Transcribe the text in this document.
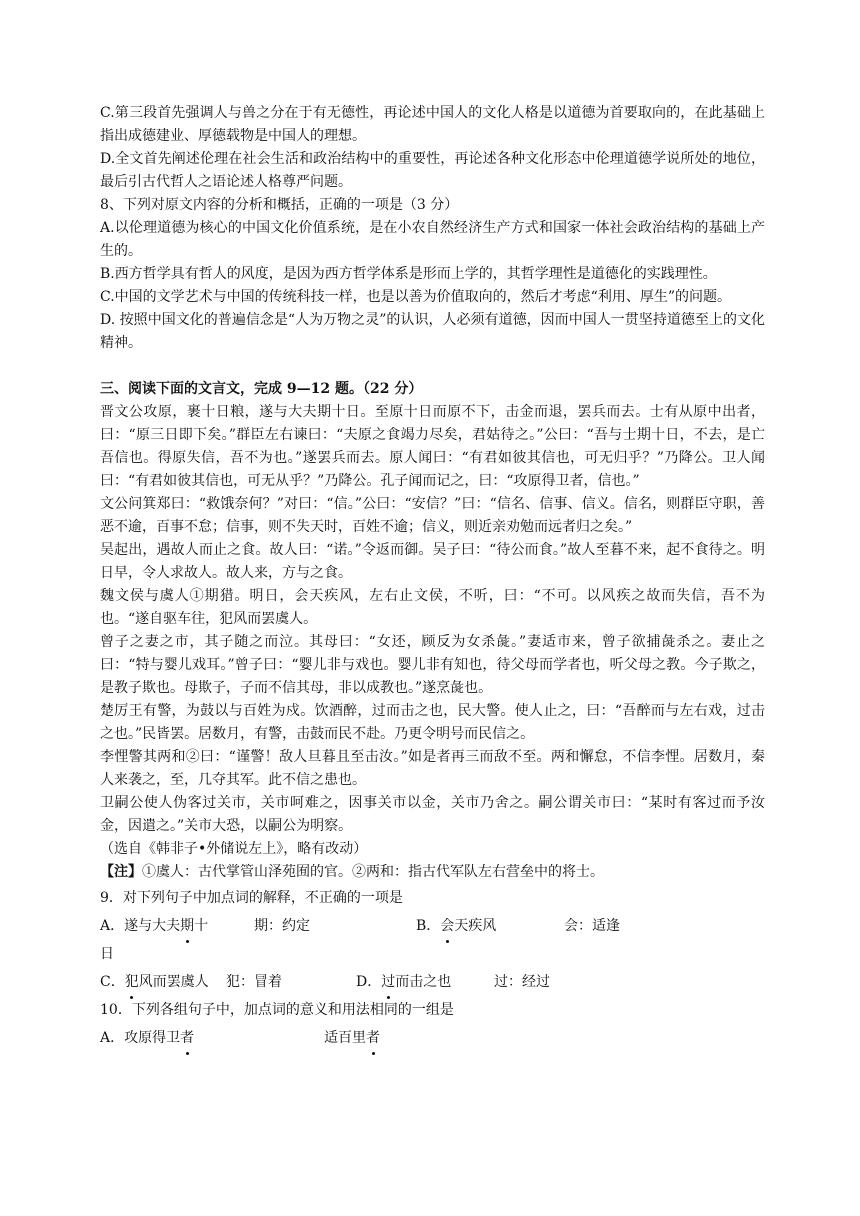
C.第三段首先强调人与兽之分在于有无德性，再论述中国人的文化人格是以道德为首要取向的，在此基础上指出成德建业、厚德载物是中国人的理想。

D.全文首先阐述伦理在社会生活和政治结构中的重要性，再论述各种文化形态中伦理道德学说所处的地位，最后引古代哲人之语论述人格尊严问题。

8、下列对原文内容的分析和概括，正确的一项是（3 分）

A.以伦理道德为核心的中国文化价值系统，是在小农自然经济生产方式和国家一体社会政治结构的基础上产生的。

B.西方哲学具有哲人的风度，是因为西方哲学体系是形而上学的，其哲学理性是道德化的实践理性。

C.中国的文学艺术与中国的传统科技一样，也是以善为价值取向的，然后才考虑“利用、厚生”的问题。

D. 按照中国文化的普遍信念是“人为万物之灵”的认识，人必须有道德，因而中国人一贯坚持道德至上的文化精神。

三、阅读下面的文言文，完成 9—12 题。（22 分）

晋文公攻原，裹十日粮，遂与大夫期十日。至原十日而原不下，击金而退，罢兵而去。士有从原中出者，曰：“原三日即下矣。”群臣左右谏曰：“夫原之食竭力尽矣，君姑待之。”公曰：“吾与士期十日，不去，是亡吾信也。得原失信，吾不为也。”遂罢兵而去。原人闻曰：“有君如彼其信也，可无归乎？”乃降公。卫人闻曰：“有君如彼其信也，可无从乎？”乃降公。孔子闻而记之，曰：“攻原得卫者，信也。”

文公问箕郑曰：“救饿奈何？”对曰：“信。”公曰：“安信？”曰：“信名、信事、信义。信名，则群臣守职，善恶不逾，百事不怠；信事，则不失天时，百姓不逾；信义，则近亲劝勉而远者归之矣。”

吴起出，遇故人而止之食。故人曰：“诺。”令返而御。吴子曰：“待公而食。”故人至暮不来，起不食待之。明日早，令人求故人。故人来，方与之食。

魏文侯与虞人①期猎。明日，会天疾风，左右止文侯，不听，曰：“不可。以风疾之故而失信，吾不为也。“遂自驱车往，犯风而罢虞人。

曾子之妻之市，其子随之而泣。其母曰：“女还，顾反为女杀彘。”妻适市来，曾子欲捕彘杀之。妻止之曰：“特与婴儿戏耳。”曾子曰：“婴儿非与戏也。婴儿非有知也，待父母而学者也，听父母之教。今子欺之，是教子欺也。母欺子，子而不信其母，非以成教也。”遂烹彘也。

楚厉王有警，为鼓以与百姓为戍。饮酒醉，过而击之也，民大警。使人止之，曰：“吾醉而与左右戏，过击之也。”民皆罢。居数月，有警，击鼓而民不赴。乃更令明号而民信之。

李悝警其两和②曰：“谨警！敌人旦暮且至击汝。”如是者再三而敌不至。两和懈怠，不信李悝。居数月，秦人来袭之，至，几夺其军。此不信之患也。

卫嗣公使人伪客过关市，关市呵难之，因事关市以金，关市乃舍之。嗣公谓关市曰：“某时有客过而予汝金，因遣之。”关市大恐，以嗣公为明察。

（选自《韩非子•外储说左上》，略有改动）

【注】①虞人：古代掌管山泽苑囿的官。②两和：指古代军队左右营垒中的将士。

9．对下列句子中加点词的解释，不正确的一项是

A．遂与大夫期十日
期：约定	B．会天疾风	会：适逢
C．犯风而罢虞人	犯：冒着	D．过而击之也	过：经过

10．下列各组句子中，加点词的意义和用法相同的一组是

A．攻原得卫者	适百里者
